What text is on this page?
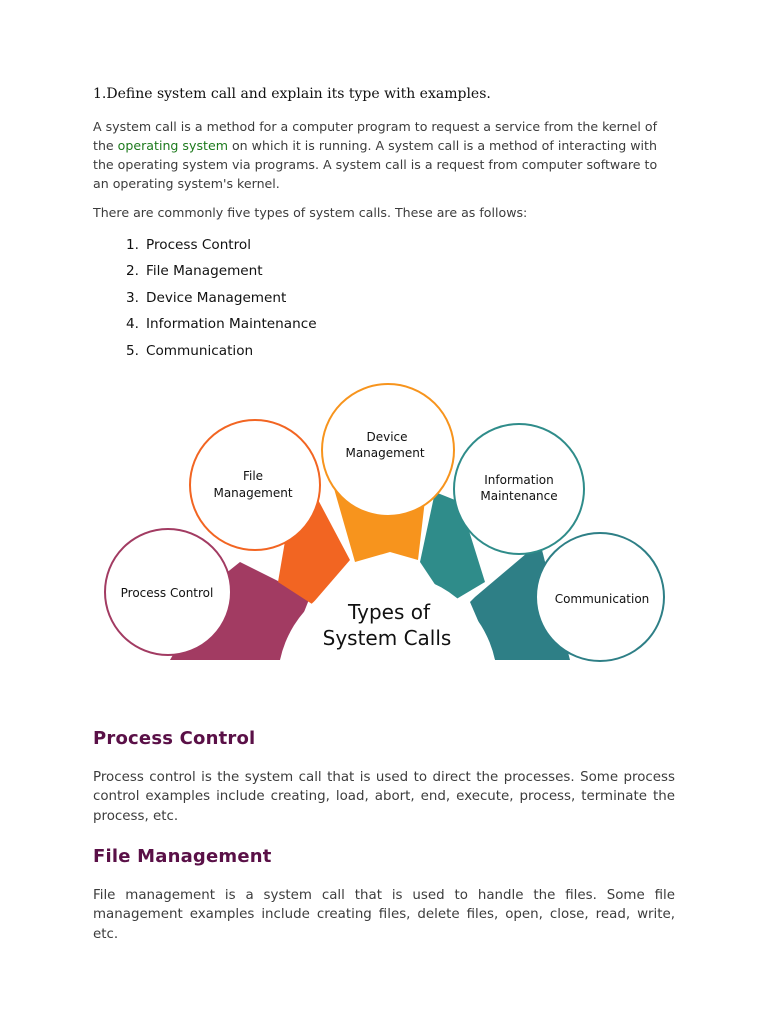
1.Define system call and explain its type with examples.

A system call is a method for a computer program to request a service from the kernel of the operating system on which it is running. A system call is a method of interacting with the operating system via programs. A system call is a request from computer software to an operating system's kernel.

There are commonly five types of system calls. These are as follows:

1. Process Control
2. File Management
3. Device Management
4. Information Maintenance
5. Communication
Types of
System Calls
Process Control
File
Management
Device
Management
Information
Maintenance
Communication
Process Control

Process control is the system call that is used to direct the processes. Some process control examples include creating, load, abort, end, execute, process, terminate the process, etc.

File Management

File management is a system call that is used to handle the files. Some file management examples include creating files, delete files, open, close, read, write, etc.
